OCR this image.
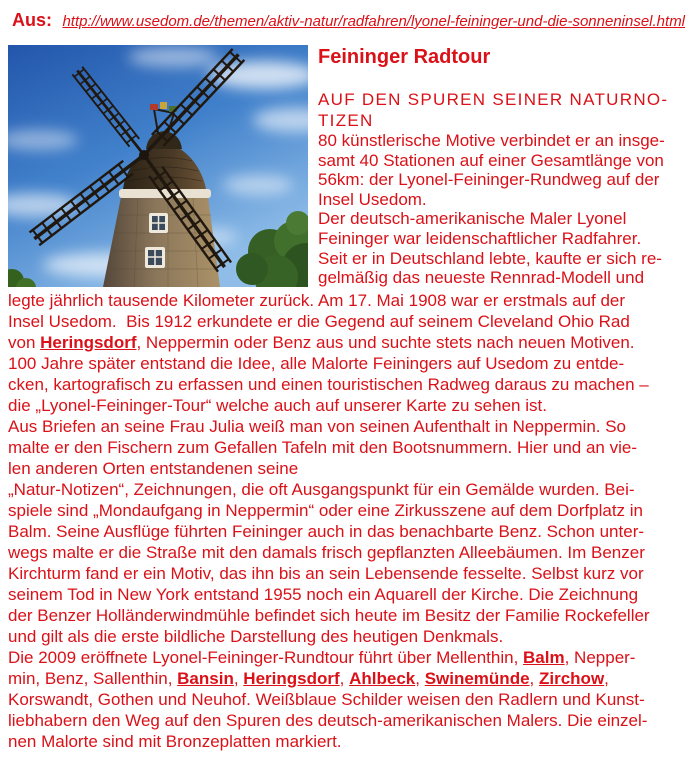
Aus: http://www.usedom.de/themen/aktiv-natur/radfahren/lyonel-feininger-und-die-sonneninsel.html
Feininger Radtour
AUF DEN SPUREN SEINER NATURNO-
TIZEN
80 künstlerische Motive verbindet er an insge-
samt 40 Stationen auf einer Gesamtlänge von
56km: der Lyonel-Feininger-Rundweg auf der
Insel Usedom.
Der deutsch-amerikanische Maler Lyonel
Feininger war leidenschaftlicher Radfahrer.
Seit er in Deutschland lebte, kaufte er sich re-
gelmäßig das neueste Rennrad-Modell und
legte jährlich tausende Kilometer zurück. Am 17. Mai 1908 war er erstmals auf der
Insel Usedom.  Bis 1912 erkundete er die Gegend auf seinem Cleveland Ohio Rad
von Heringsdorf, Neppermin oder Benz aus und suchte stets nach neuen Motiven.
100 Jahre später entstand die Idee, alle Malorte Feiningers auf Usedom zu entde-
cken, kartografisch zu erfassen und einen touristischen Radweg daraus zu machen –
die „Lyonel-Feininger-Tour“ welche auch auf unserer Karte zu sehen ist.
Aus Briefen an seine Frau Julia weiß man von seinen Aufenthalt in Neppermin. So
malte er den Fischern zum Gefallen Tafeln mit den Bootsnummern. Hier und an vie-
len anderen Orten entstandenen seine
„Natur-Notizen“, Zeichnungen, die oft Ausgangspunkt für ein Gemälde wurden. Bei-
spiele sind „Mondaufgang in Neppermin“ oder eine Zirkusszene auf dem Dorfplatz in
Balm. Seine Ausflüge führten Feininger auch in das benachbarte Benz. Schon unter-
wegs malte er die Straße mit den damals frisch gepflanzten Alleebäumen. Im Benzer
Kirchturm fand er ein Motiv, das ihn bis an sein Lebensende fesselte. Selbst kurz vor
seinem Tod in New York entstand 1955 noch ein Aquarell der Kirche. Die Zeichnung
der Benzer Holländerwindmühle befindet sich heute im Besitz der Familie Rockefeller
und gilt als die erste bildliche Darstellung des heutigen Denkmals.
Die 2009 eröffnete Lyonel-Feininger-Rundtour führt über Mellenthin, Balm, Nepper-
min, Benz, Sallenthin, Bansin, Heringsdorf, Ahlbeck, Swinemünde, Zirchow,
Korswandt, Gothen und Neuhof. Weißblaue Schilder weisen den Radlern und Kunst-
liebhabern den Weg auf den Spuren des deutsch-amerikanischen Malers. Die einzel-
nen Malorte sind mit Bronzeplatten markiert.
